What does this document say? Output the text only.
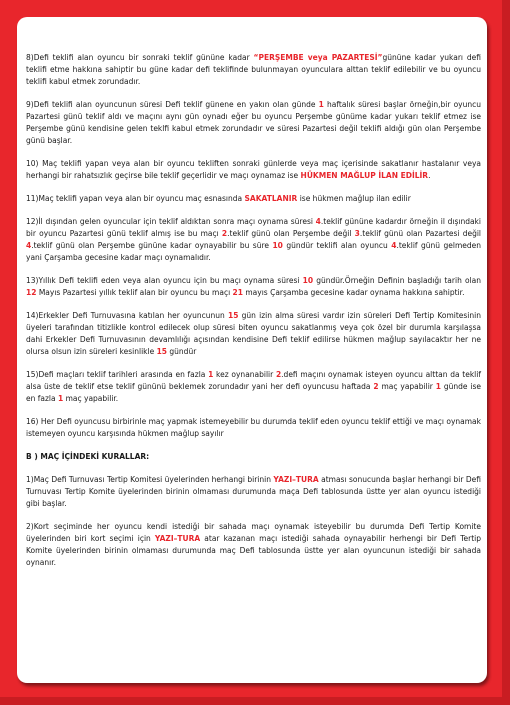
8)Defi teklifi alan oyuncu bir sonraki teklif gününe kadar “PERŞEMBE veya PAZARTESİ”gününe kadar yukarı defi teklifi etme hakkına sahiptir bu güne kadar defi teklifinde bulunmayan oyunculara alttan teklif edilebilir ve bu oyuncu teklifi kabul etmek zorundadır.

9)Defi teklifi alan oyuncunun süresi Defi teklif günene en yakın olan günde 1 haftalık süresi başlar örneğin,bir oyuncu Pazartesi günü teklif aldı ve maçını aynı gün oynadı eğer bu oyuncu Perşembe günüme kadar yukarı teklif etmez ise Perşembe günü kendisine gelen teklfi kabul etmek zorundadır ve süresi Pazartesi değil teklifi aldığı gün olan Perşembe günü başlar.

10) Maç teklifi yapan veya alan bir oyuncu tekliften sonraki günlerde veya maç içerisinde sakatlanır hastalanır veya herhangi bir rahatsızlık geçirse bile teklif geçerlidir ve maçı oynamaz ise HÜKMEN MAĞLUP İLAN EDİLİR.

11)Maç teklifi yapan veya alan bir oyuncu maç esnasında SAKATLANIR ise hükmen mağlup ilan edilir

12)İl dışından gelen oyuncular için teklif aldıktan sonra maçı oynama süresi 4.teklif gününe kadardır örneğin il dışındaki bir oyuncu Pazartesi günü teklif almış ise bu maçı 2.teklif günü olan Perşembe değil 3.teklif günü olan Pazartesi değil 4.teklif günü olan Perşembe gününe kadar oynayabilir bu süre 10 gündür teklifi alan oyuncu 4.teklif günü gelmeden yani Çarşamba gecesine kadar maçı oynamalıdır.

13)Yıllık Defi teklifi eden veya alan oyuncu için bu maçı oynama süresi 10 gündür.Örneğin Definin başladığı tarih olan 12 Mayıs Pazartesi yıllık teklif alan bir oyuncu bu maçı 21 mayıs Çarşamba gecesine kadar oynama hakkına sahiptir.

14)Erkekler Defi Turnuvasına katılan her oyuncunun 15 gün izin alma süresi vardır izin süreleri Defi Tertip Komitesinin üyeleri tarafından titizlikle kontrol edilecek olup süresi biten oyuncu sakatlanmış veya çok özel bir durumla karşılaşsa dahi Erkekler Defi Turnuvasının devamlılığı açısından kendisine Defi teklif edilirse hükmen mağlup sayılacaktır her ne olursa olsun izin süreleri kesinlikle 15 gündür

15)Defi maçları teklif tarihleri arasında en fazla 1 kez oynanabilir 2.defi maçını oynamak isteyen oyuncu alttan da teklif alsa üste de teklif etse teklif gününü beklemek zorundadır yani her defi oyuncusu haftada 2 maç yapabilir 1 günde ise en fazla 1 maç yapabilir.

16) Her Defi oyuncusu birbirinle maç yapmak istemeyebilir bu durumda teklif eden oyuncu teklif ettiği ve maçı oynamak istemeyen oyuncu karşısında hükmen mağlup sayılır

B ) MAÇ İÇİNDEKİ KURALLAR:

1)Maç Defi Turnuvası Tertip Komitesi üyelerinden herhangi birinin YAZI–TURA atması sonucunda başlar herhangi bir Defi Turnuvası Tertip Komite üyelerinden birinin olmaması durumunda maça Defi tablosunda üstte yer alan oyuncu istediği gibi başlar.

2)Kort seçiminde her oyuncu kendi istediği bir sahada maçı oynamak isteyebilir bu durumda Defi Tertip Komite üyelerinden biri kort seçimi için YAZI–TURA atar kazanan maçı istediği sahada oynayabilir herhengi bir Defi Tertip Komite üyelerinden birinin olmaması durumunda maç Defi tablosunda üstte yer alan oyuncunun istediği bir sahada oynanır.
